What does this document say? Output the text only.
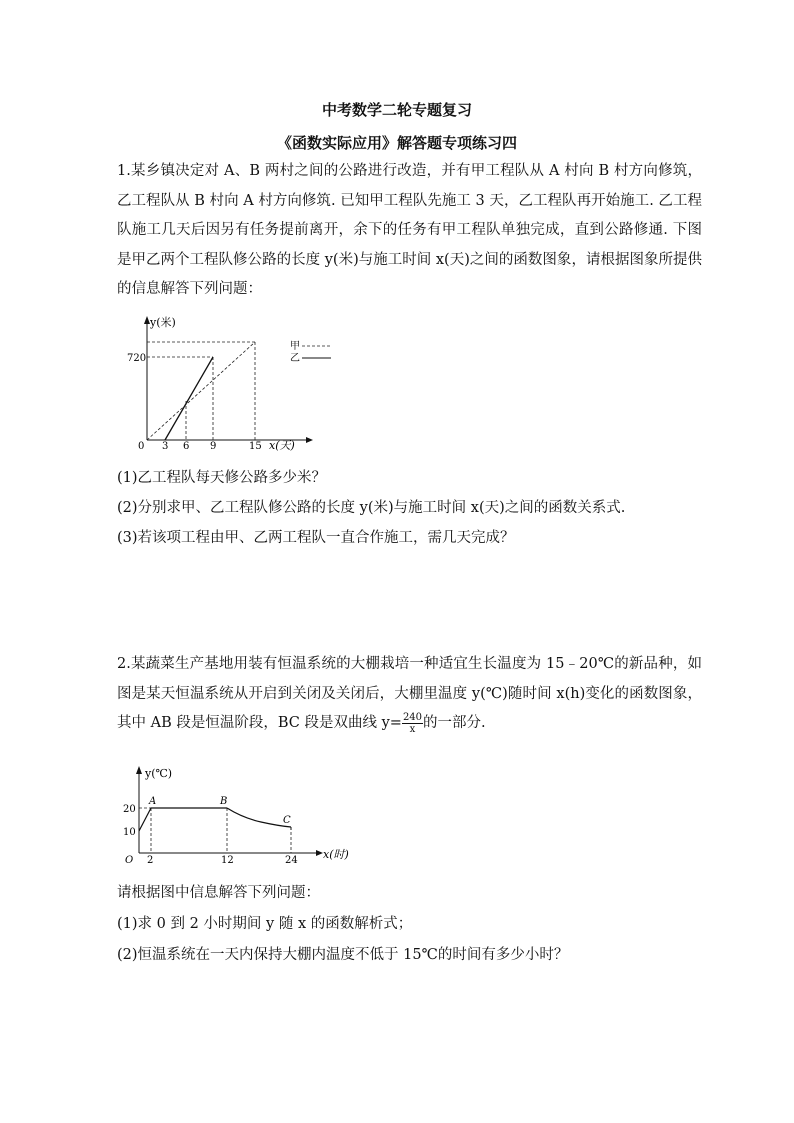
中考数学二轮专题复习
《函数实际应用》解答题专项练习四
1.某乡镇决定对 A、B 两村之间的公路进行改造，并有甲工程队从 A 村向 B 村方向修筑，乙工程队从 B 村向 A 村方向修筑. 已知甲工程队先施工 3 天，乙工程队再开始施工. 乙工程队施工几天后因另有任务提前离开，余下的任务有甲工程队单独完成，直到公路修通. 下图是甲乙两个工程队修公路的长度 y(米)与施工时间 x(天)之间的函数图象，请根据图象所提供的信息解答下列问题：
y(米)
720
0 3 6 9	15 x(天)
甲
乙
(1)乙工程队每天修公路多少米？
(2)分别求甲、乙工程队修公路的长度 y(米)与施工时间 x(天)之间的函数关系式.
(3)若该项工程由甲、乙两工程队一直合作施工，需几天完成？
2.某蔬菜生产基地用装有恒温系统的大棚栽培一种适宜生长温度为 15﹣20℃的新品种，如图是某天恒温系统从开启到关闭及关闭后，大棚里温度 y(℃)随时间 x(h)变化的函数图象，其中 AB 段是恒温阶段，BC 段是双曲线 $y= \frac{240}{x}$ 的一部分.
y(℃)
20
10
O 2	12	24 x(时)
A	B
C
请根据图中信息解答下列问题：
(1)求 0 到 2 小时期间 y 随 x 的函数解析式；
(2)恒温系统在一天内保持大棚内温度不低于 15℃的时间有多少小时？
